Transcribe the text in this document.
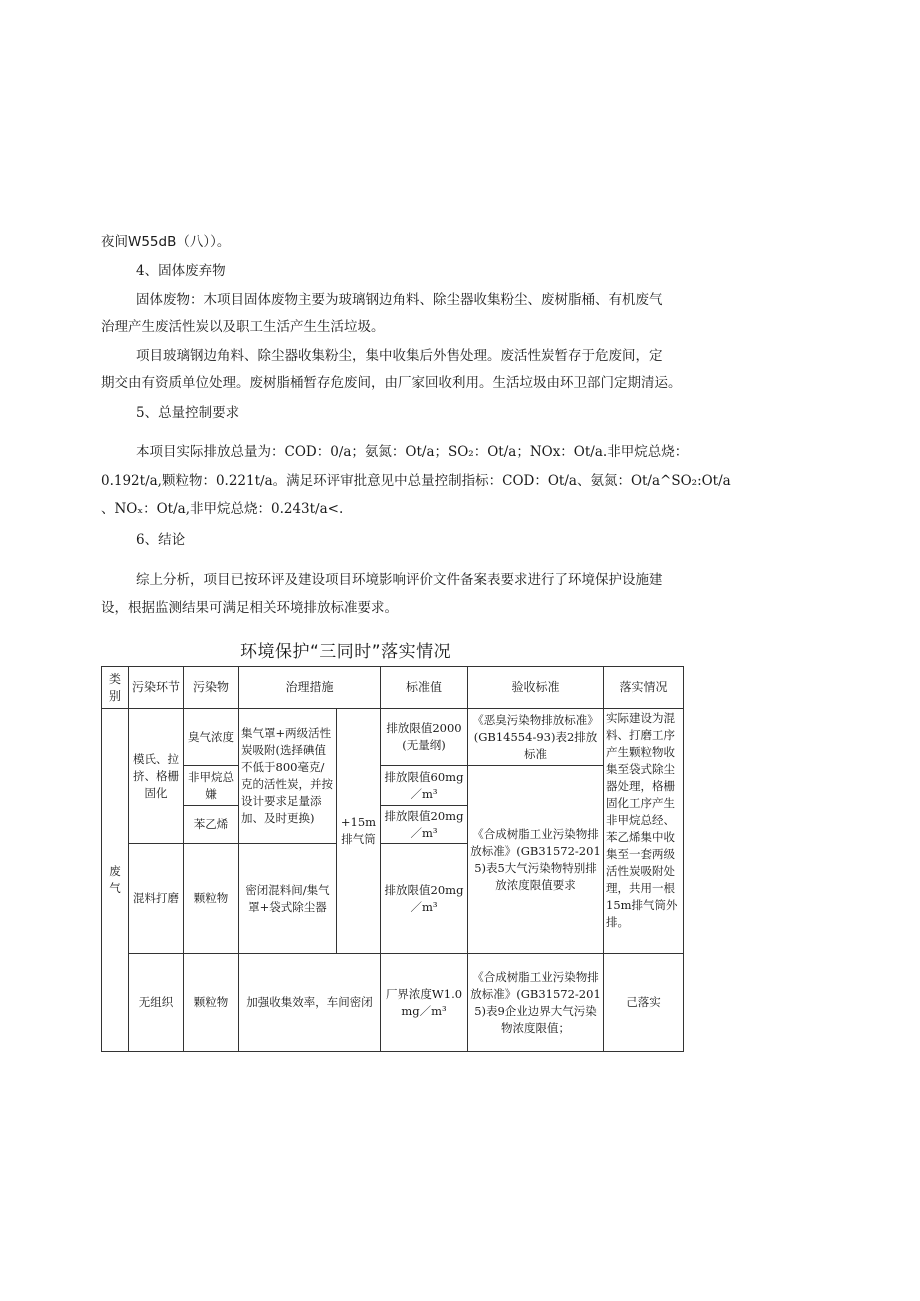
夜间W55dB（八））。
4、固体废弃物
固体废物：木项目固体废物主要为玻璃钢边角料、除尘器收集粉尘、废树脂桶、有机废气
治理产生废活性炭以及职工生活产生生活垃圾。
项目玻璃钢边角料、除尘器收集粉尘，集中收集后外售处理。废活性炭暂存于危废间，定
期交由有资质单位处理。废树脂桶暂存危废间，由厂家回收利用。生活垃圾由环卫部门定期清运。
5、总量控制要求
本项目实际排放总量为：COD：0∕a；氨氮：Ot/a；SO₂：Ot/a；NOx：Ot/a.非甲烷总烧：
0.192t∕a,颗粒物：0.221t∕a。满足环评审批意见中总量控制指标：COD：Ot/a、氨氮：Ot/a^SO₂:Ot/a
、NOₓ：Ot/a,非甲烷总烧：0.243t∕a<.
6、结论
综上分析，项目已按环评及建设项目环境影响评价文件备案表要求进行了环境保护设施建
设，根据监测结果可满足相关环境排放标准要求。
环境保护“三同时”落实情况
类别	污染环节	污染物	治理措施		标准值	验收标准	落实情况
废气	模氏、拉挤、格栅固化	臭气浓度	集气罩+两级活性炭吸附(选择碘值不低于800毫克/克的活性炭，并按设计要求足量添加、及时更换)	+15m排气筒	排放限值2000(无量纲)	《恶臭污染物排放标准》(GB14554-93)表2排放标准	实际建设为混料、打磨工序产生颗粒物收集至袋式除尘器处理，格栅固化工序产生非甲烷总经、苯乙烯集中收集至一套两级活性炭吸附处理，共用一根15m排气筒外排。
		非甲烷总嫌			排放限值60mg／m³	《合成树脂工业污染物排放标准》(GB31572-2015)表5大气污染物特别排放浓度限值要求	
		苯乙烯			排放限值20mg／m³		
	混料打磨	颗粒物	密闭混料间/集气罩+袋式除尘器		排放限值20mg／m³		
	无组织	颗粒物	加强收集效率，车间密闭		厂界浓度W1.0mg／m³	《合成树脂工业污染物排放标准》(GB31572-2015)表9企业边界大气污染物浓度限值；	己落实
